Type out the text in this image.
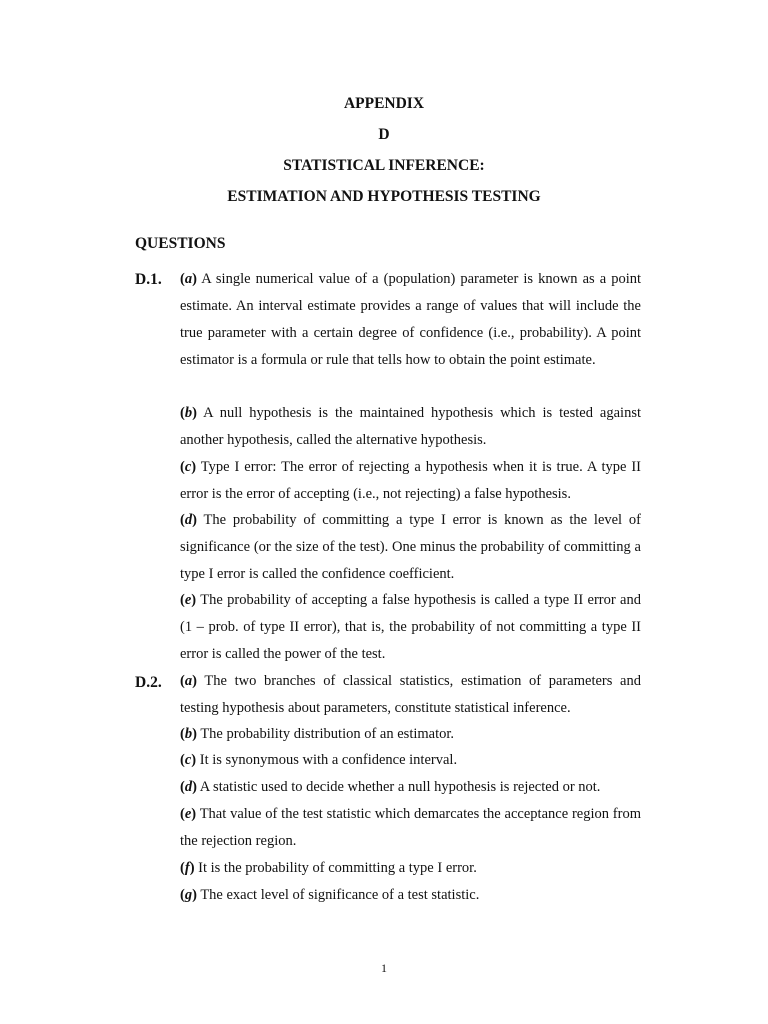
APPENDIX

D

STATISTICAL INFERENCE:

ESTIMATION AND HYPOTHESIS TESTING

QUESTIONS

D.1. (a) A single numerical value of a (population) parameter is known as a point estimate. An interval estimate provides a range of values that will include the true parameter with a certain degree of confidence (i.e., probability). A point estimator is a formula or rule that tells how to obtain the point estimate.

(b) A null hypothesis is the maintained hypothesis which is tested against another hypothesis, called the alternative hypothesis.

(c) Type I error: The error of rejecting a hypothesis when it is true. A type II error is the error of accepting (i.e., not rejecting) a false hypothesis.

(d) The probability of committing a type I error is known as the level of significance (or the size of the test). One minus the probability of committing a type I error is called the confidence coefficient.

(e) The probability of accepting a false hypothesis is called a type II error and (1 – prob. of type II error), that is, the probability of not committing a type II error is called the power of the test.

D.2. (a) The two branches of classical statistics, estimation of parameters and testing hypothesis about parameters, constitute statistical inference.

(b) The probability distribution of an estimator.

(c) It is synonymous with a confidence interval.

(d) A statistic used to decide whether a null hypothesis is rejected or not.

(e) That value of the test statistic which demarcates the acceptance region from the rejection region.

(f) It is the probability of committing a type I error.

(g) The exact level of significance of a test statistic.

1
